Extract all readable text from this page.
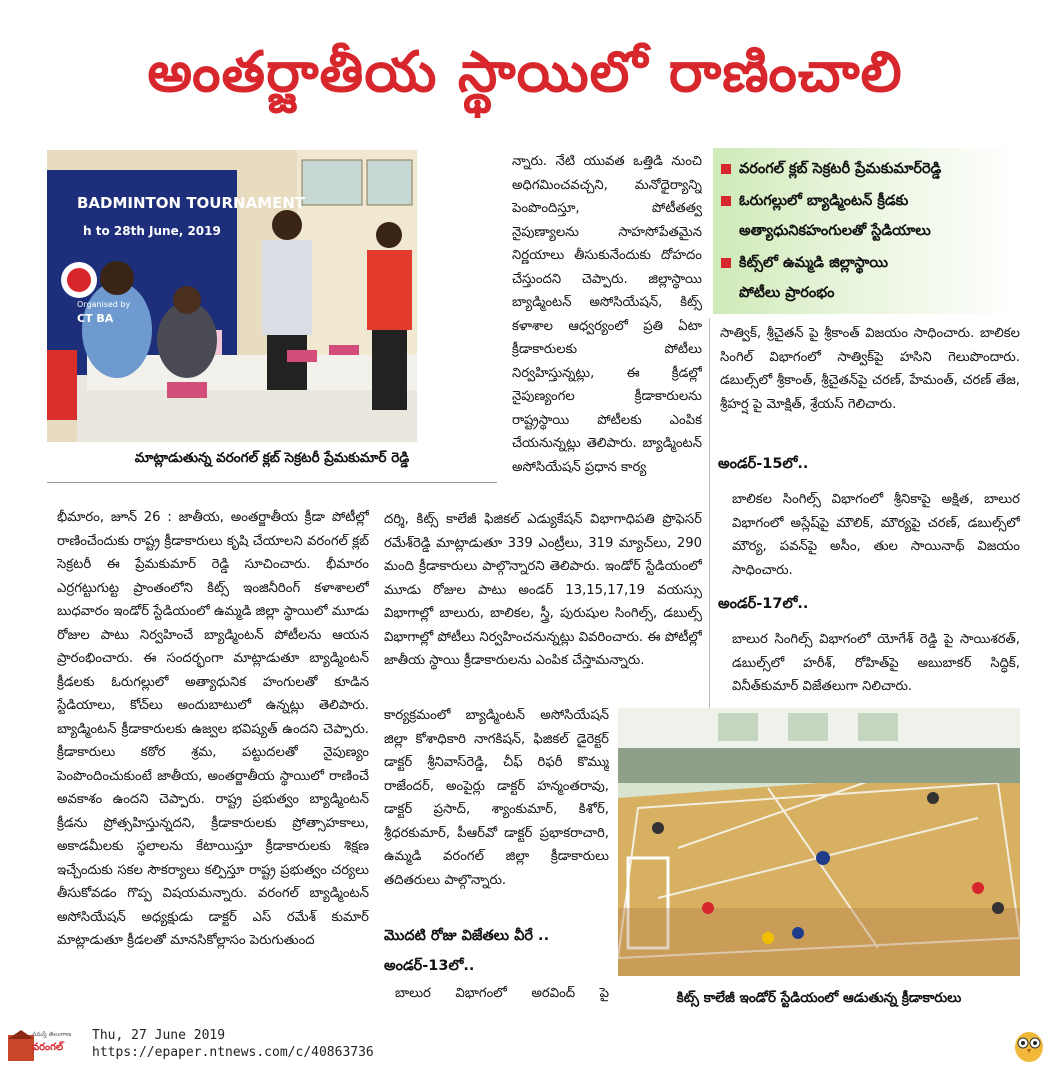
అంతర్జాతీయ స్థాయిలో రాణించాలి
BADMINTON TOURNAMENT
h to 28th June, 2019
Organised by
CT BA
మాట్లాడుతున్న వరంగల్ క్లబ్ సెక్రటరీ ప్రేమకుమార్ రెడ్డి
వరంగల్ క్లబ్ సెక్రటరీ ప్రేమకుమార్‌రెడ్డి
ఓరుగల్లులో బ్యాడ్మింటన్ క్రీడకు
అత్యాధునికహంగులతో స్టేడియాలు
కిట్స్‌లో ఉమ్మడి జిల్లాస్థాయి
పోటీలు ప్రారంభం

భీమారం, జూన్ 26 : జాతీయ, అంతర్జాతీయ క్రీడా పోటీల్లో రాణించేందుకు రాష్ట్ర క్రీడాకారులు కృషి చేయాలని వరంగల్ క్లబ్ సెక్రటరీ ఈ ప్రేమకుమార్ రెడ్డి సూచించారు. భీమారం ఎర్రగట్టుగుట్ట ప్రాంతంలోని కిట్స్ ఇంజినీరింగ్ కళాశాలలో బుధవారం ఇండోర్ స్టేడియంలో ఉమ్మడి జిల్లా స్థాయిలో మూడు రోజుల పాటు నిర్వహించే బ్యాడ్మింటన్ పోటీలను ఆయన ప్రారంభించారు. ఈ సందర్భంగా మాట్లాడుతూ బ్యాడ్మింటన్ క్రీడలకు ఓరుగల్లులో అత్యాధునిక హంగులతో కూడిన స్టేడియాలు, కోచ్‌లు అందుబాటులో ఉన్నట్లు తెలిపారు. బ్యాడ్మింటన్ క్రీడాకారులకు ఉజ్వల భవిష్యత్ ఉందని చెప్పారు. క్రీడాకారులు కఠోర శ్రమ, పట్టుదలతో నైపుణ్యం పెంపొందించుకుంటే జాతీయ, అంతర్జాతీయ స్థాయిలో రాణించే అవకాశం ఉందని చెప్పారు. రాష్ట్ర ప్రభుత్వం బ్యాడ్మింటన్ క్రీడను ప్రోత్సహిస్తున్నదని, క్రీడాకారులకు ప్రోత్సాహకాలు, అకాడమీలకు స్థలాలను కేటాయిస్తూ క్రీడాకారులకు శిక్షణ ఇచ్చేందుకు సకల సౌకర్యాలు కల్పిస్తూ రాష్ట్ర ప్రభుత్వం చర్యలు తీసుకోవడం గొప్ప విషయమన్నారు. వరంగల్ బ్యాడ్మింటన్ అసోసియేషన్ అధ్యక్షుడు డాక్టర్ ఎస్ రమేశ్ కుమార్ మాట్లాడుతూ క్రీడలతో మానసికోల్లాసం పెరుగుతుంద

న్నారు. నేటి యువత ఒత్తిడి నుంచి అధిగమించవచ్చని, మనోధైర్యాన్ని పెంపొందిస్తూ, పోటీతత్వ నైపుణ్యాలను సాహసోపేతమైన నిర్ణయాలు తీసుకునేందుకు దోహదం చేస్తుందని చెప్పారు. జిల్లాస్థాయి బ్యాడ్మింటన్ అసోసియేషన్, కిట్స్ కళాశాల ఆధ్వర్యంలో ప్రతి ఏటా క్రీడాకారులకు పోటీలు నిర్వహిస్తున్నట్లు, ఈ క్రీడల్లో నైపుణ్యంగల క్రీడాకారులను రాష్ట్రస్థాయి పోటీలకు ఎంపిక చేయనున్నట్లు తెలిపారు. బ్యాడ్మింటన్ అసోసియేషన్ ప్రధాన కార్య

దర్శి, కిట్స్ కాలేజీ ఫిజికల్ ఎడ్యుకేషన్ విభాగాధిపతి ప్రొఫెసర్ రమేశ్‌రెడ్డి మాట్లాడుతూ 339 ఎంట్రీలు, 319 మ్యాచ్‌లు, 290 మంది క్రీడాకారులు పాల్గొన్నారని తెలిపారు. ఇండోర్ స్టేడియంలో మూడు రోజుల పాటు అండర్ 13,15,17,19 వయస్సు విభాగాల్లో బాలురు, బాలికల, స్త్రీ, పురుషుల సింగిల్స్, డబుల్స్ విభాగాల్లో పోటీలు నిర్వహించనున్నట్లు వివరించారు. ఈ పోటీల్లో జాతీయ స్థాయి క్రీడాకారులను ఎంపిక చేస్తామన్నారు.

కార్యక్రమంలో బ్యాడ్మింటన్ అసోసియేషన్ జిల్లా కోశాధికారి నాగకిషన్, ఫిజికల్ డైరెక్టర్ డాక్టర్ శ్రీనివాస్‌రెడ్డి, చీఫ్ రిఫరీ కొమ్ము రాజేందర్, అంపైర్లు డాక్టర్ హన్మంతరావు, డాక్టర్ ప్రసాద్, శ్యాంకుమార్, కిశోర్, శ్రీధరకుమార్, పీఆర్‌వో డాక్టర్ ప్రభాకరాచారి, ఉమ్మడి వరంగల్ జిల్లా క్రీడాకారులు తదితరులు పాల్గొన్నారు.

మొదటి రోజు విజేతలు వీరే ..
అండర్-13లో..
బాలుర విభాగంలో అరవింద్ పై

సాత్విక్, శ్రీచైతన్ పై శ్రీకాంత్ విజయం సాధించారు. బాలికల సింగిల్ విభాగంలో సాత్విక్‌పై హసిని గెలుపొందారు. డబుల్స్‌లో శ్రీకాంత్, శ్రీచైతన్‌పై చరణ్, హేమంత్, చరణ్ తేజ, శ్రీహర్ష పై మోక్షిత్, శ్రేయస్ గెలిచారు.

అండర్-15లో..

బాలికల సింగిల్స్ విభాగంలో శ్రీనికాపై అక్షిత, బాలుర విభాగంలో అస్లేష్‌పై మౌలిక్, మౌర్యపై చరణ్, డబుల్స్‌లో మౌర్య, పవన్‌పై అసీం, తుల సాయినాథ్ విజయం సాధించారు.

అండర్-17లో..

బాలుర సింగిల్స్ విభాగంలో యోగేశ్ రెడ్డి పై సాయిశరత్, డబుల్స్‌లో హరీశ్, రోహిత్‌పై అబుబాకర్ సిద్ధిక్, వినీత్‌కుమార్ విజేతలుగా నిలిచారు.

కిట్స్ కాలేజీ ఇండోర్ స్టేడియంలో ఆడుతున్న క్రీడాకారులు
నమస్తే తెలంగాణ
వరంగల్
Thu, 27 June 2019
https://epaper.ntnews.com/c/40863736
